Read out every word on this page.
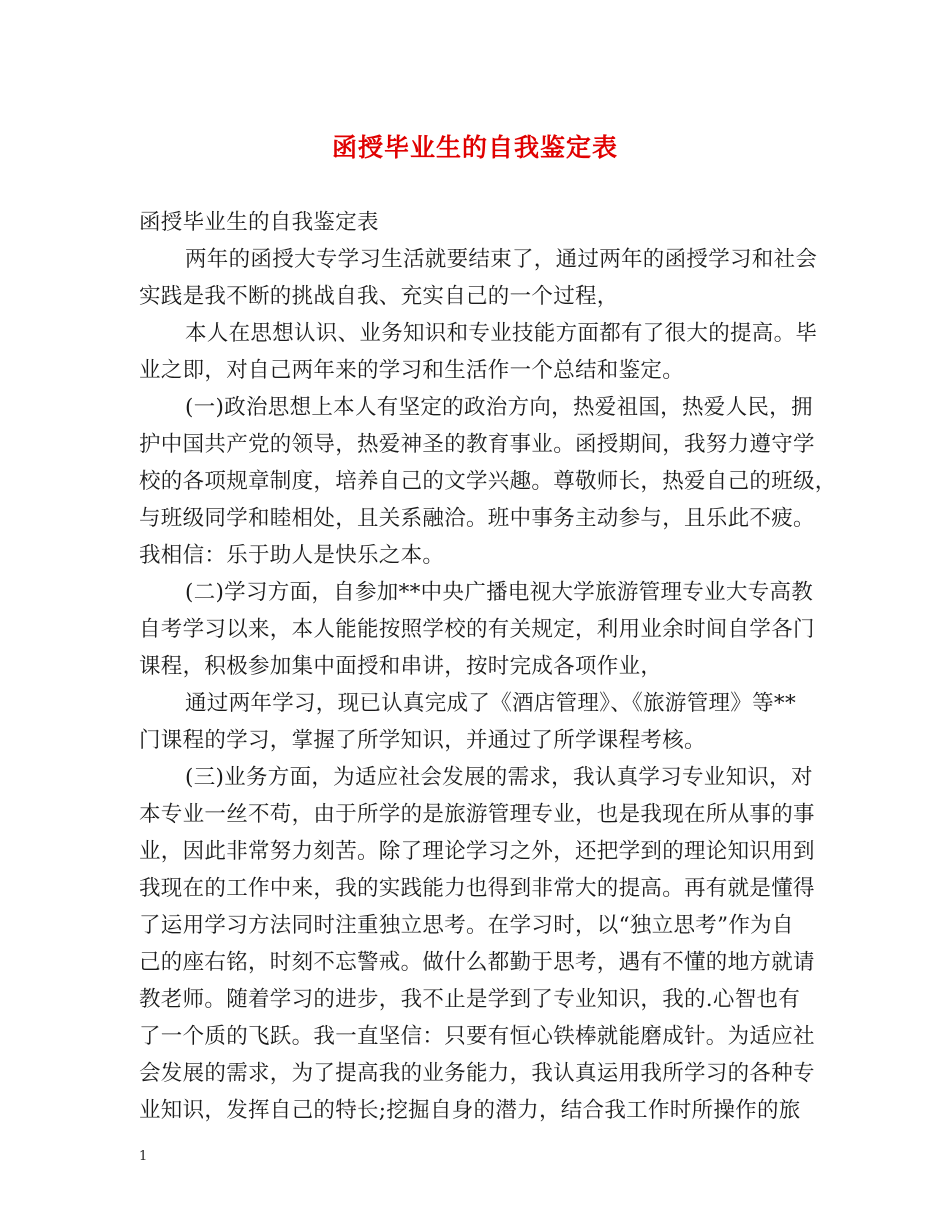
函授毕业生的自我鉴定表
函授毕业生的自我鉴定表
两年的函授大专学习生活就要结束了，通过两年的函授学习和社会
实践是我不断的挑战自我、充实自己的一个过程，
本人在思想认识、业务知识和专业技能方面都有了很大的提高。毕
业之即，对自己两年来的学习和生活作一个总结和鉴定。
(一)政治思想上本人有坚定的政治方向，热爱祖国，热爱人民，拥
护中国共产党的领导，热爱神圣的教育事业。函授期间，我努力遵守学
校的各项规章制度，培养自己的文学兴趣。尊敬师长，热爱自己的班级，
与班级同学和睦相处，且关系融洽。班中事务主动参与，且乐此不疲。
我相信：乐于助人是快乐之本。
(二)学习方面，自参加**中央广播电视大学旅游管理专业大专高教
自考学习以来，本人能能按照学校的有关规定，利用业余时间自学各门
课程，积极参加集中面授和串讲，按时完成各项作业，
通过两年学习，现已认真完成了《酒店管理》、《旅游管理》等**
门课程的学习，掌握了所学知识，并通过了所学课程考核。
(三)业务方面，为适应社会发展的需求，我认真学习专业知识，对
本专业一丝不苟，由于所学的是旅游管理专业，也是我现在所从事的事
业，因此非常努力刻苦。除了理论学习之外，还把学到的理论知识用到
我现在的工作中来，我的实践能力也得到非常大的提高。再有就是懂得
了运用学习方法同时注重独立思考。在学习时，以“独立思考”作为自
己的座右铭，时刻不忘警戒。做什么都勤于思考，遇有不懂的地方就请
教老师。随着学习的进步，我不止是学到了专业知识，我的.心智也有
了一个质的飞跃。我一直坚信：只要有恒心铁棒就能磨成针。为适应社
会发展的需求，为了提高我的业务能力，我认真运用我所学习的各种专
业知识，发挥自己的特长;挖掘自身的潜力，结合我工作时所操作的旅
1
